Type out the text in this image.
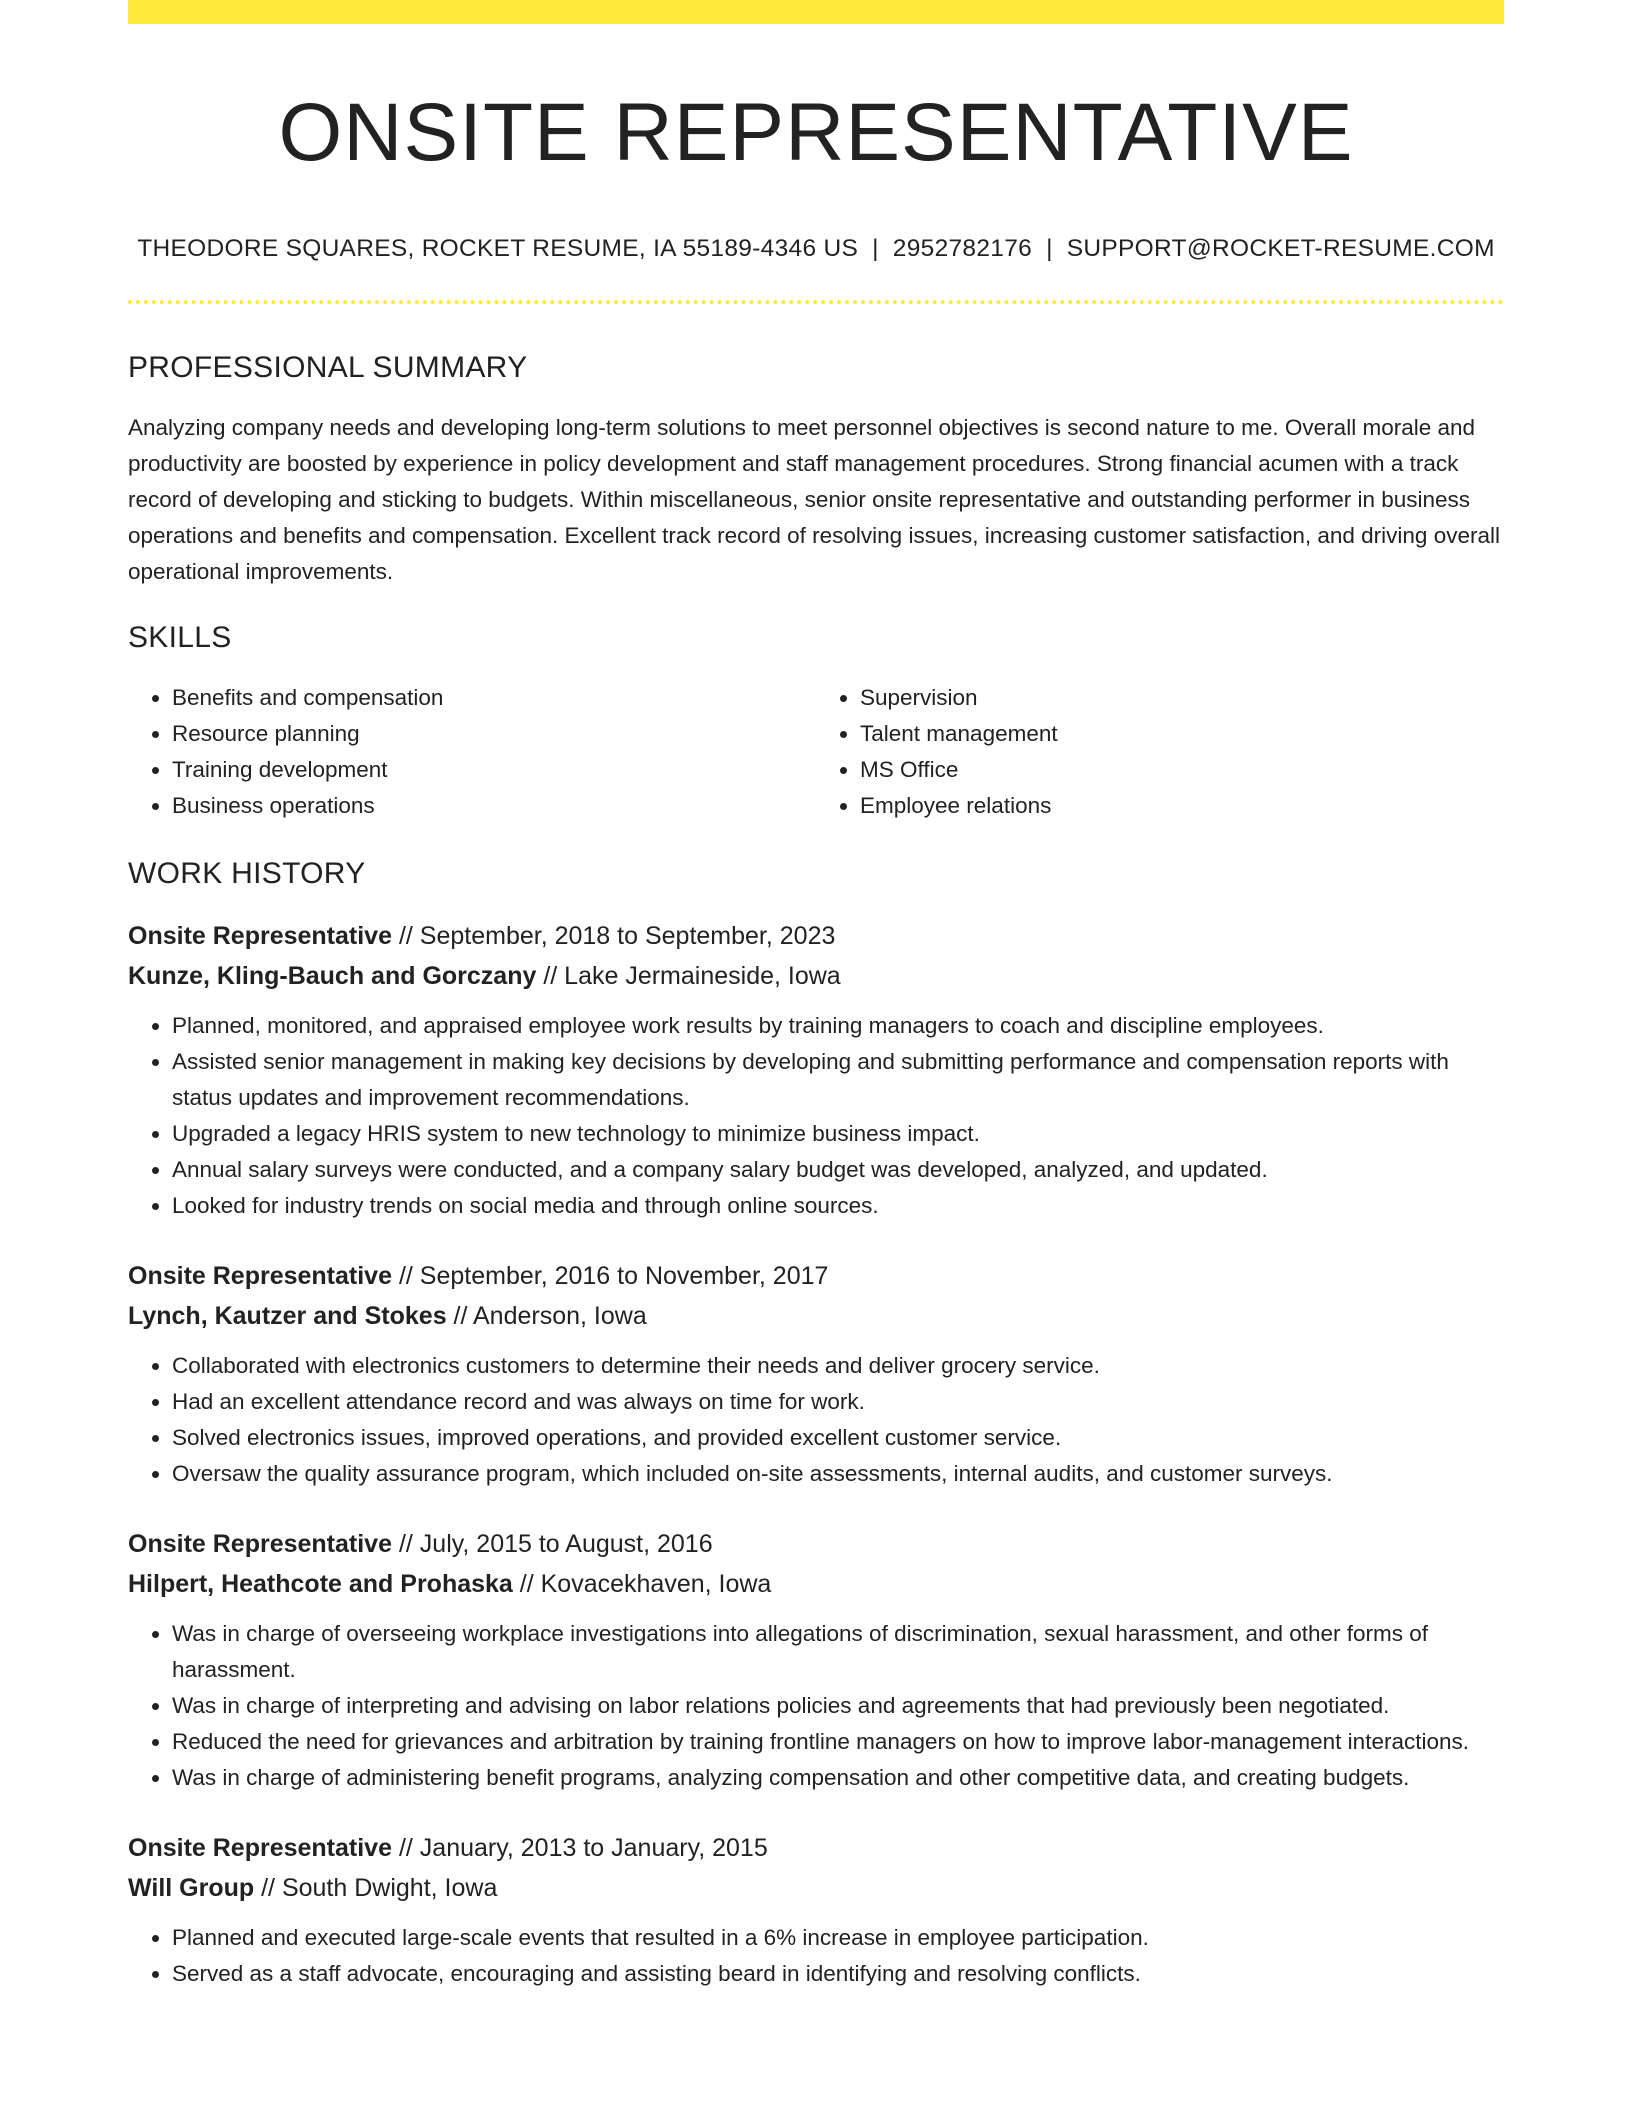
ONSITE REPRESENTATIVE
THEODORE SQUARES, ROCKET RESUME, IA 55189-4346 US | 2952782176 | SUPPORT@ROCKET-RESUME.COM
PROFESSIONAL SUMMARY

Analyzing company needs and developing long-term solutions to meet personnel objectives is second nature to me. Overall morale and productivity are boosted by experience in policy development and staff management procedures. Strong financial acumen with a track record of developing and sticking to budgets. Within miscellaneous, senior onsite representative and outstanding performer in business operations and benefits and compensation. Excellent track record of resolving issues, increasing customer satisfaction, and driving overall operational improvements.

SKILLS
• Benefits and compensation
• Resource planning
• Training development
• Business operations
• Supervision
• Talent management
• MS Office
• Employee relations
WORK HISTORY
Onsite Representative // September, 2018 to September, 2023
Kunze, Kling-Bauch and Gorczany // Lake Jermaineside, Iowa
• Planned, monitored, and appraised employee work results by training managers to coach and discipline employees.
• Assisted senior management in making key decisions by developing and submitting performance and compensation reports with status updates and improvement recommendations.
• Upgraded a legacy HRIS system to new technology to minimize business impact.
• Annual salary surveys were conducted, and a company salary budget was developed, analyzed, and updated.
• Looked for industry trends on social media and through online sources.
Onsite Representative // September, 2016 to November, 2017
Lynch, Kautzer and Stokes // Anderson, Iowa
• Collaborated with electronics customers to determine their needs and deliver grocery service.
• Had an excellent attendance record and was always on time for work.
• Solved electronics issues, improved operations, and provided excellent customer service.
• Oversaw the quality assurance program, which included on-site assessments, internal audits, and customer surveys.
Onsite Representative // July, 2015 to August, 2016
Hilpert, Heathcote and Prohaska // Kovacekhaven, Iowa
• Was in charge of overseeing workplace investigations into allegations of discrimination, sexual harassment, and other forms of harassment.
• Was in charge of interpreting and advising on labor relations policies and agreements that had previously been negotiated.
• Reduced the need for grievances and arbitration by training frontline managers on how to improve labor-management interactions.
• Was in charge of administering benefit programs, analyzing compensation and other competitive data, and creating budgets.
Onsite Representative // January, 2013 to January, 2015
Will Group // South Dwight, Iowa
• Planned and executed large-scale events that resulted in a 6% increase in employee participation.
• Served as a staff advocate, encouraging and assisting beard in identifying and resolving conflicts.
